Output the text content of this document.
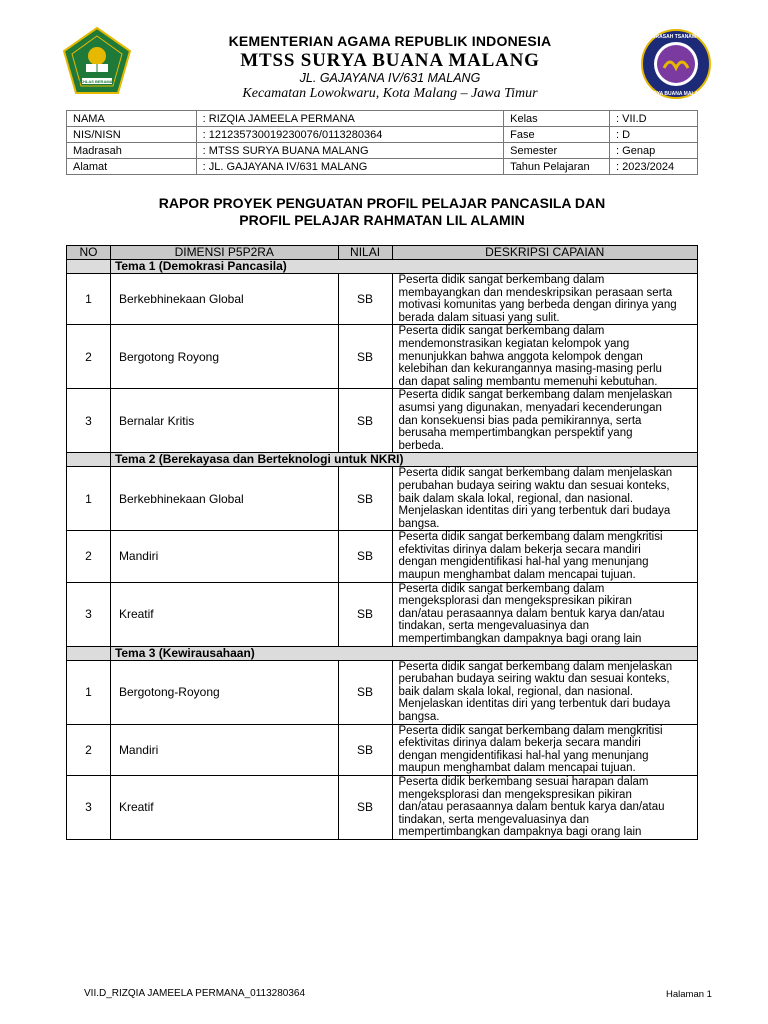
IKHLAS BERAMAL
MADRASAH TSANAWIYAH
SURYA BUANA MALANG
KEMENTERIAN AGAMA REPUBLIK INDONESIA
MTSS SURYA BUANA MALANG
JL. GAJAYANA IV/631 MALANG
Kecamatan Lowokwaru, Kota Malang – Jawa Timur
NAMA	: RIZQIA JAMEELA PERMANA	Kelas	: VII.D
NIS/NISN	: 121235730019230076/0113280364	Fase	: D
Madrasah	: MTSS SURYA BUANA MALANG	Semester	: Genap
Alamat	: JL. GAJAYANA IV/631 MALANG	Tahun Pelajaran	: 2023/2024
RAPOR PROYEK PENGUATAN PROFIL PELAJAR PANCASILA DAN
PROFIL PELAJAR RAHMATAN LIL ALAMIN
NO	DIMENSI P5P2RA	NILAI	DESKRIPSI CAPAIAN
	Tema 1 (Demokrasi Pancasila)		
1	Berkebhinekaan Global	SB	Peserta didik sangat berkembang dalam
membayangkan dan mendeskripsikan perasaan serta
motivasi komunitas yang berbeda dengan dirinya yang
berada dalam situasi yang sulit.

2	Bergotong Royong	SB	Peserta didik sangat berkembang dalam
mendemonstrasikan kegiatan kelompok yang
menunjukkan bahwa anggota kelompok dengan
kelebihan dan kekurangannya masing-masing perlu
dan dapat saling membantu memenuhi kebutuhan.

3	Bernalar Kritis	SB	Peserta didik sangat berkembang dalam menjelaskan
asumsi yang digunakan, menyadari kecenderungan
dan konsekuensi bias pada pemikirannya, serta
berusaha mempertimbangkan perspektif yang
berbeda.

	Tema 2 (Berekayasa dan Berteknologi untuk NKRI)		
1	Berkebhinekaan Global	SB	Peserta didik sangat berkembang dalam menjelaskan
perubahan budaya seiring waktu dan sesuai konteks,
baik dalam skala lokal, regional, dan nasional.
Menjelaskan identitas diri yang terbentuk dari budaya
bangsa.

2	Mandiri	SB	Peserta didik sangat berkembang dalam mengkritisi
efektivitas dirinya dalam bekerja secara mandiri
dengan mengidentifikasi hal-hal yang menunjang
maupun menghambat dalam mencapai tujuan.

3	Kreatif	SB	Peserta didik sangat berkembang dalam
mengeksplorasi dan mengekspresikan pikiran
dan/atau perasaannya dalam bentuk karya dan/atau
tindakan, serta mengevaluasinya dan
mempertimbangkan dampaknya bagi orang lain

	Tema 3 (Kewirausahaan)		
1	Bergotong-Royong	SB	Peserta didik sangat berkembang dalam menjelaskan
perubahan budaya seiring waktu dan sesuai konteks,
baik dalam skala lokal, regional, dan nasional.
Menjelaskan identitas diri yang terbentuk dari budaya
bangsa.

2	Mandiri	SB	Peserta didik sangat berkembang dalam mengkritisi
efektivitas dirinya dalam bekerja secara mandiri
dengan mengidentifikasi hal-hal yang menunjang
maupun menghambat dalam mencapai tujuan.

3	Kreatif	SB	Peserta didik berkembang sesuai harapan dalam
mengeksplorasi dan mengekspresikan pikiran
dan/atau perasaannya dalam bentuk karya dan/atau
tindakan, serta mengevaluasinya dan
mempertimbangkan dampaknya bagi orang lain
VII.D_RIZQIA JAMEELA PERMANA_0113280364	Halaman 1
